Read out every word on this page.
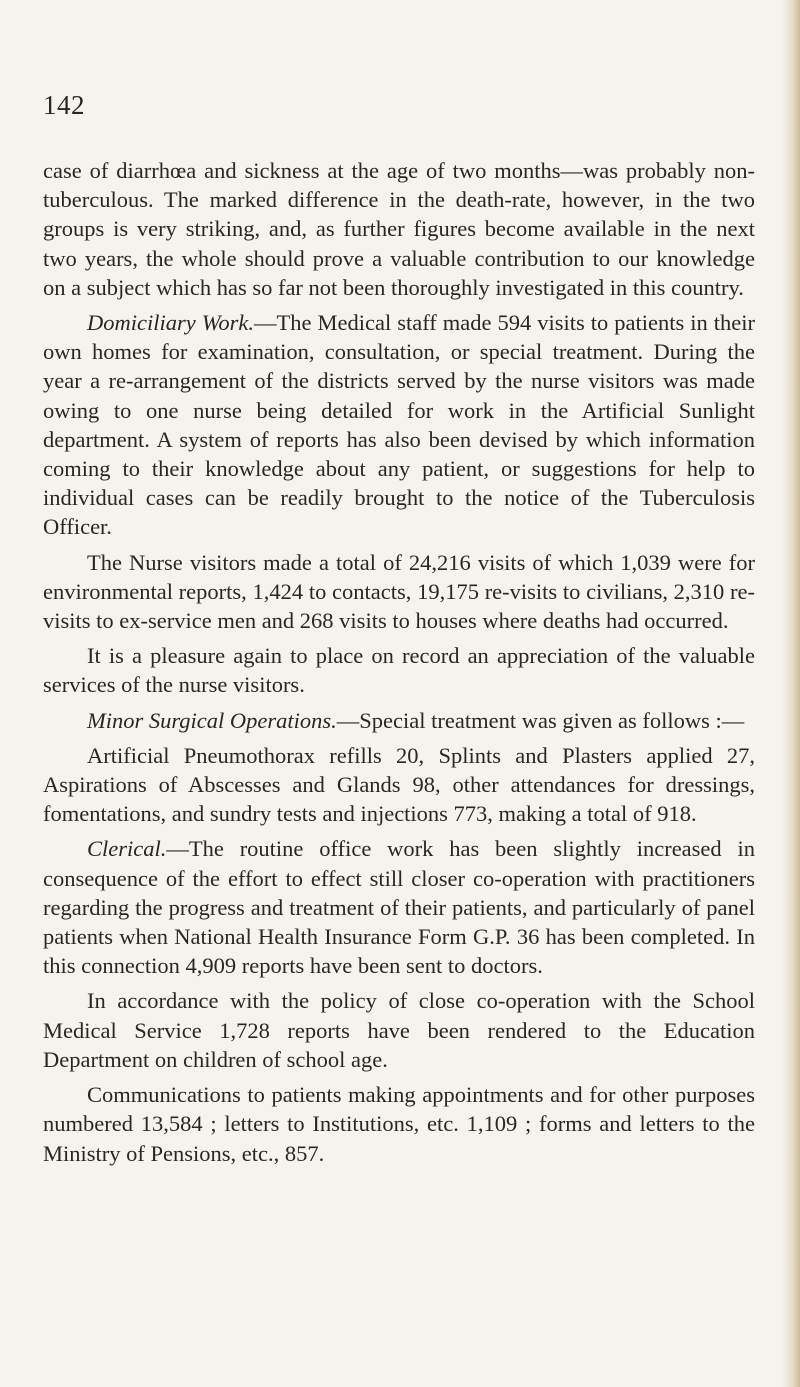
142

case of diarrhœa and sickness at the age of two months—was probably non-tuberculous. The marked difference in the death-rate, however, in the two groups is very striking, and, as further figures become available in the next two years, the whole should prove a valuable contribution to our knowledge on a subject which has so far not been thoroughly investigated in this country.

Domiciliary Work.—The Medical staff made 594 visits to patients in their own homes for examination, consultation, or special treatment. During the year a re-arrangement of the districts served by the nurse visitors was made owing to one nurse being detailed for work in the Artificial Sunlight department. A system of reports has also been devised by which information coming to their knowledge about any patient, or suggestions for help to individual cases can be readily brought to the notice of the Tuberculosis Officer.

The Nurse visitors made a total of 24,216 visits of which 1,039 were for environmental reports, 1,424 to contacts, 19,175 re-visits to civilians, 2,310 re-visits to ex-service men and 268 visits to houses where deaths had occurred.

It is a pleasure again to place on record an appreciation of the valuable services of the nurse visitors.

Minor Surgical Operations.—Special treatment was given as follows :—

Artificial Pneumothorax refills 20, Splints and Plasters applied 27, Aspirations of Abscesses and Glands 98, other attendances for dressings, fomentations, and sundry tests and injections 773, making a total of 918.

Clerical.—The routine office work has been slightly increased in consequence of the effort to effect still closer co-operation with practitioners regarding the progress and treatment of their patients, and particularly of panel patients when National Health Insurance Form G.P. 36 has been completed. In this connection 4,909 reports have been sent to doctors.

In accordance with the policy of close co-operation with the School Medical Service 1,728 reports have been rendered to the Education Department on children of school age.

Communications to patients making appointments and for other purposes numbered 13,584 ; letters to Institutions, etc. 1,109 ; forms and letters to the Ministry of Pensions, etc., 857.
